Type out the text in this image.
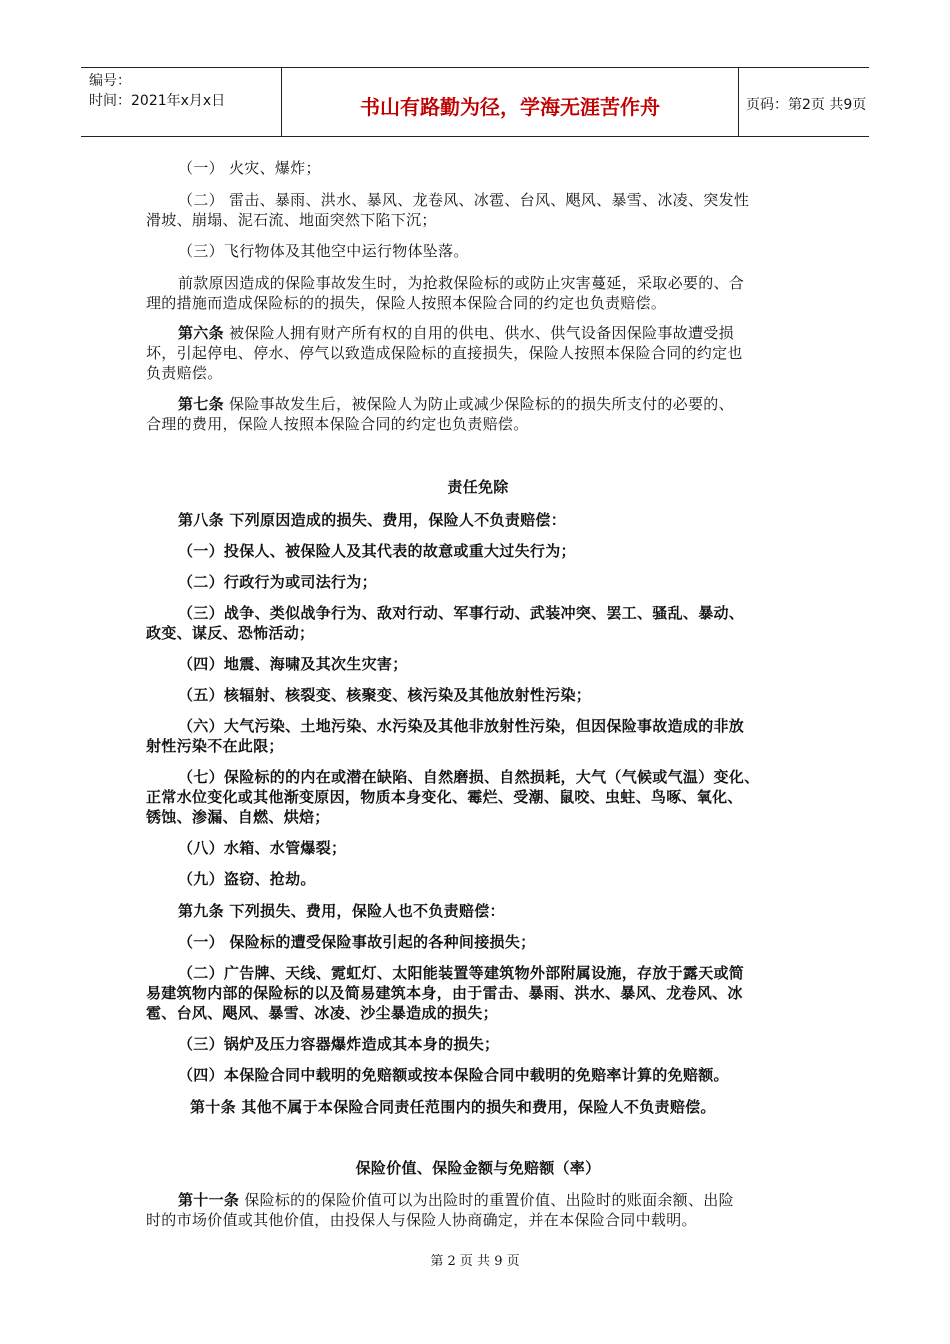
编号：
时间：2021年x月x日	书山有路勤为径，学海无涯苦作舟	页码：第2页 共9页
（一） 火灾、爆炸；
（二） 雷击、暴雨、洪水、暴风、龙卷风、冰雹、台风、飓风、暴雪、冰凌、突发性
滑坡、崩塌、泥石流、地面突然下陷下沉；
（三）飞行物体及其他空中运行物体坠落。
前款原因造成的保险事故发生时，为抢救保险标的或防止灾害蔓延，采取必要的、合
理的措施而造成保险标的的损失，保险人按照本保险合同的约定也负责赔偿。
第六条 被保险人拥有财产所有权的自用的供电、供水、供气设备因保险事故遭受损
坏，引起停电、停水、停气以致造成保险标的直接损失，保险人按照本保险合同的约定也
负责赔偿。
第七条 保险事故发生后，被保险人为防止或减少保险标的的损失所支付的必要的、
合理的费用，保险人按照本保险合同的约定也负责赔偿。
责任免除
第八条 下列原因造成的损失、费用，保险人不负责赔偿：
（一）投保人、被保险人及其代表的故意或重大过失行为；
（二）行政行为或司法行为；
（三）战争、类似战争行为、敌对行动、军事行动、武装冲突、罢工、骚乱、暴动、
政变、谋反、恐怖活动；
（四）地震、海啸及其次生灾害；
（五）核辐射、核裂变、核聚变、核污染及其他放射性污染；
（六）大气污染、土地污染、水污染及其他非放射性污染，但因保险事故造成的非放
射性污染不在此限；
（七）保险标的的内在或潜在缺陷、自然磨损、自然损耗，大气（气候或气温）变化、
正常水位变化或其他渐变原因，物质本身变化、霉烂、受潮、鼠咬、虫蛀、鸟啄、氧化、
锈蚀、渗漏、自燃、烘焙；
（八）水箱、水管爆裂；
（九）盗窃、抢劫。
第九条 下列损失、费用，保险人也不负责赔偿：
（一） 保险标的遭受保险事故引起的各种间接损失；
（二）广告牌、天线、霓虹灯、太阳能装置等建筑物外部附属设施，存放于露天或简
易建筑物内部的保险标的以及简易建筑本身，由于雷击、暴雨、洪水、暴风、龙卷风、冰
雹、台风、飓风、暴雪、冰凌、沙尘暴造成的损失；
（三）锅炉及压力容器爆炸造成其本身的损失；
（四）本保险合同中载明的免赔额或按本保险合同中载明的免赔率计算的免赔额。
第十条 其他不属于本保险合同责任范围内的损失和费用，保险人不负责赔偿。
保险价值、保险金额与免赔额（率）
第十一条 保险标的的保险价值可以为出险时的重置价值、出险时的账面余额、出险
时的市场价值或其他价值，由投保人与保险人协商确定，并在本保险合同中载明。
第 2 页 共 9 页
